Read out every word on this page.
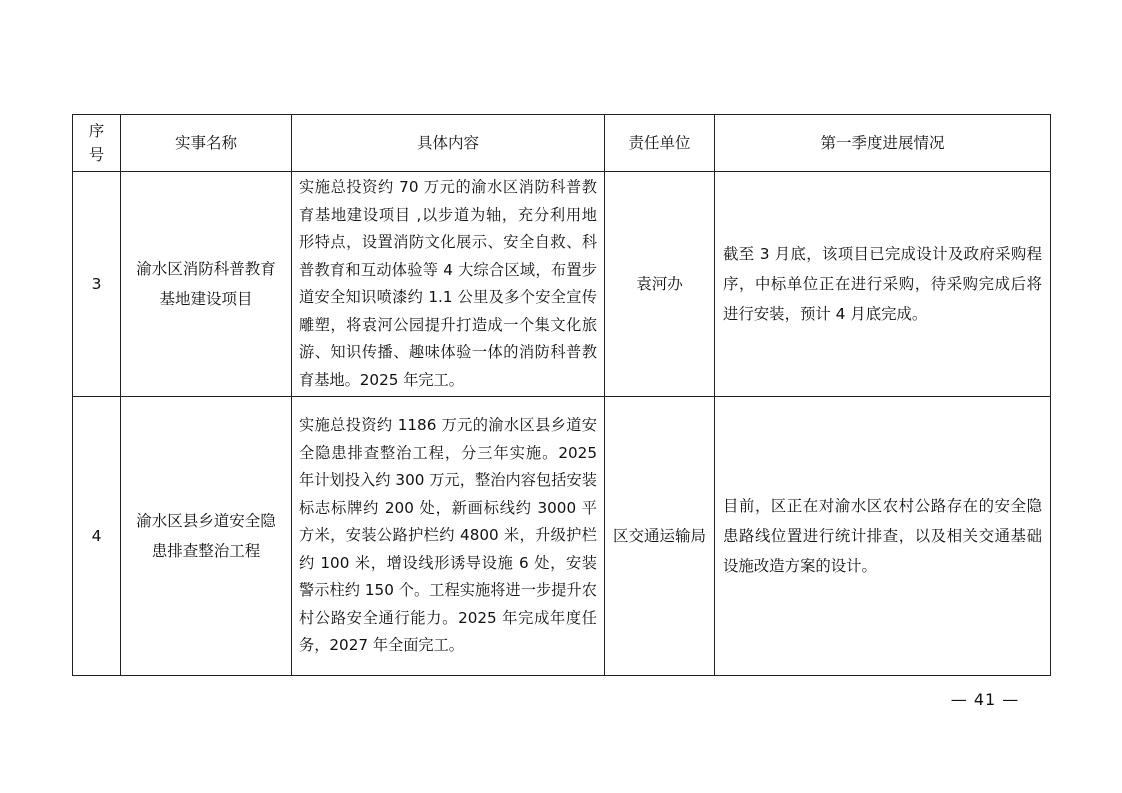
序
号	实事名称	具体内容	责任单位	第一季度进展情况
3	渝水区消防科普教育基地建设项目	实施总投资约 70 万元的渝水区消防科普教育基地建设项目 ,以步道为轴，充分利用地形特点，设置消防文化展示、安全自救、科普教育和互动体验等 4 大综合区域，布置步道安全知识喷漆约 1.1 公里及多个安全宣传雕塑，将袁河公园提升打造成一个集文化旅游、知识传播、趣味体验一体的消防科普教育基地。2025 年完工。	袁河办	截至 3 月底，该项目已完成设计及政府采购程序，中标单位正在进行采购，待采购完成后将进行安装，预计 4 月底完成。
4	渝水区县乡道安全隐患排查整治工程	实施总投资约 1186 万元的渝水区县乡道安全隐患排查整治工程，分三年实施。2025 年计划投入约 300 万元，整治内容包括安装标志标牌约 200 处，新画标线约 3000 平方米，安装公路护栏约 4800 米，升级护栏约 100 米，增设线形诱导设施 6 处，安装警示柱约 150 个。工程实施将进一步提升农村公路安全通行能力。2025 年完成年度任务，2027 年全面完工。	区交通运输局	目前，区正在对渝水区农村公路存在的安全隐患路线位置进行统计排查，以及相关交通基础设施改造方案的设计。
— 41 —
